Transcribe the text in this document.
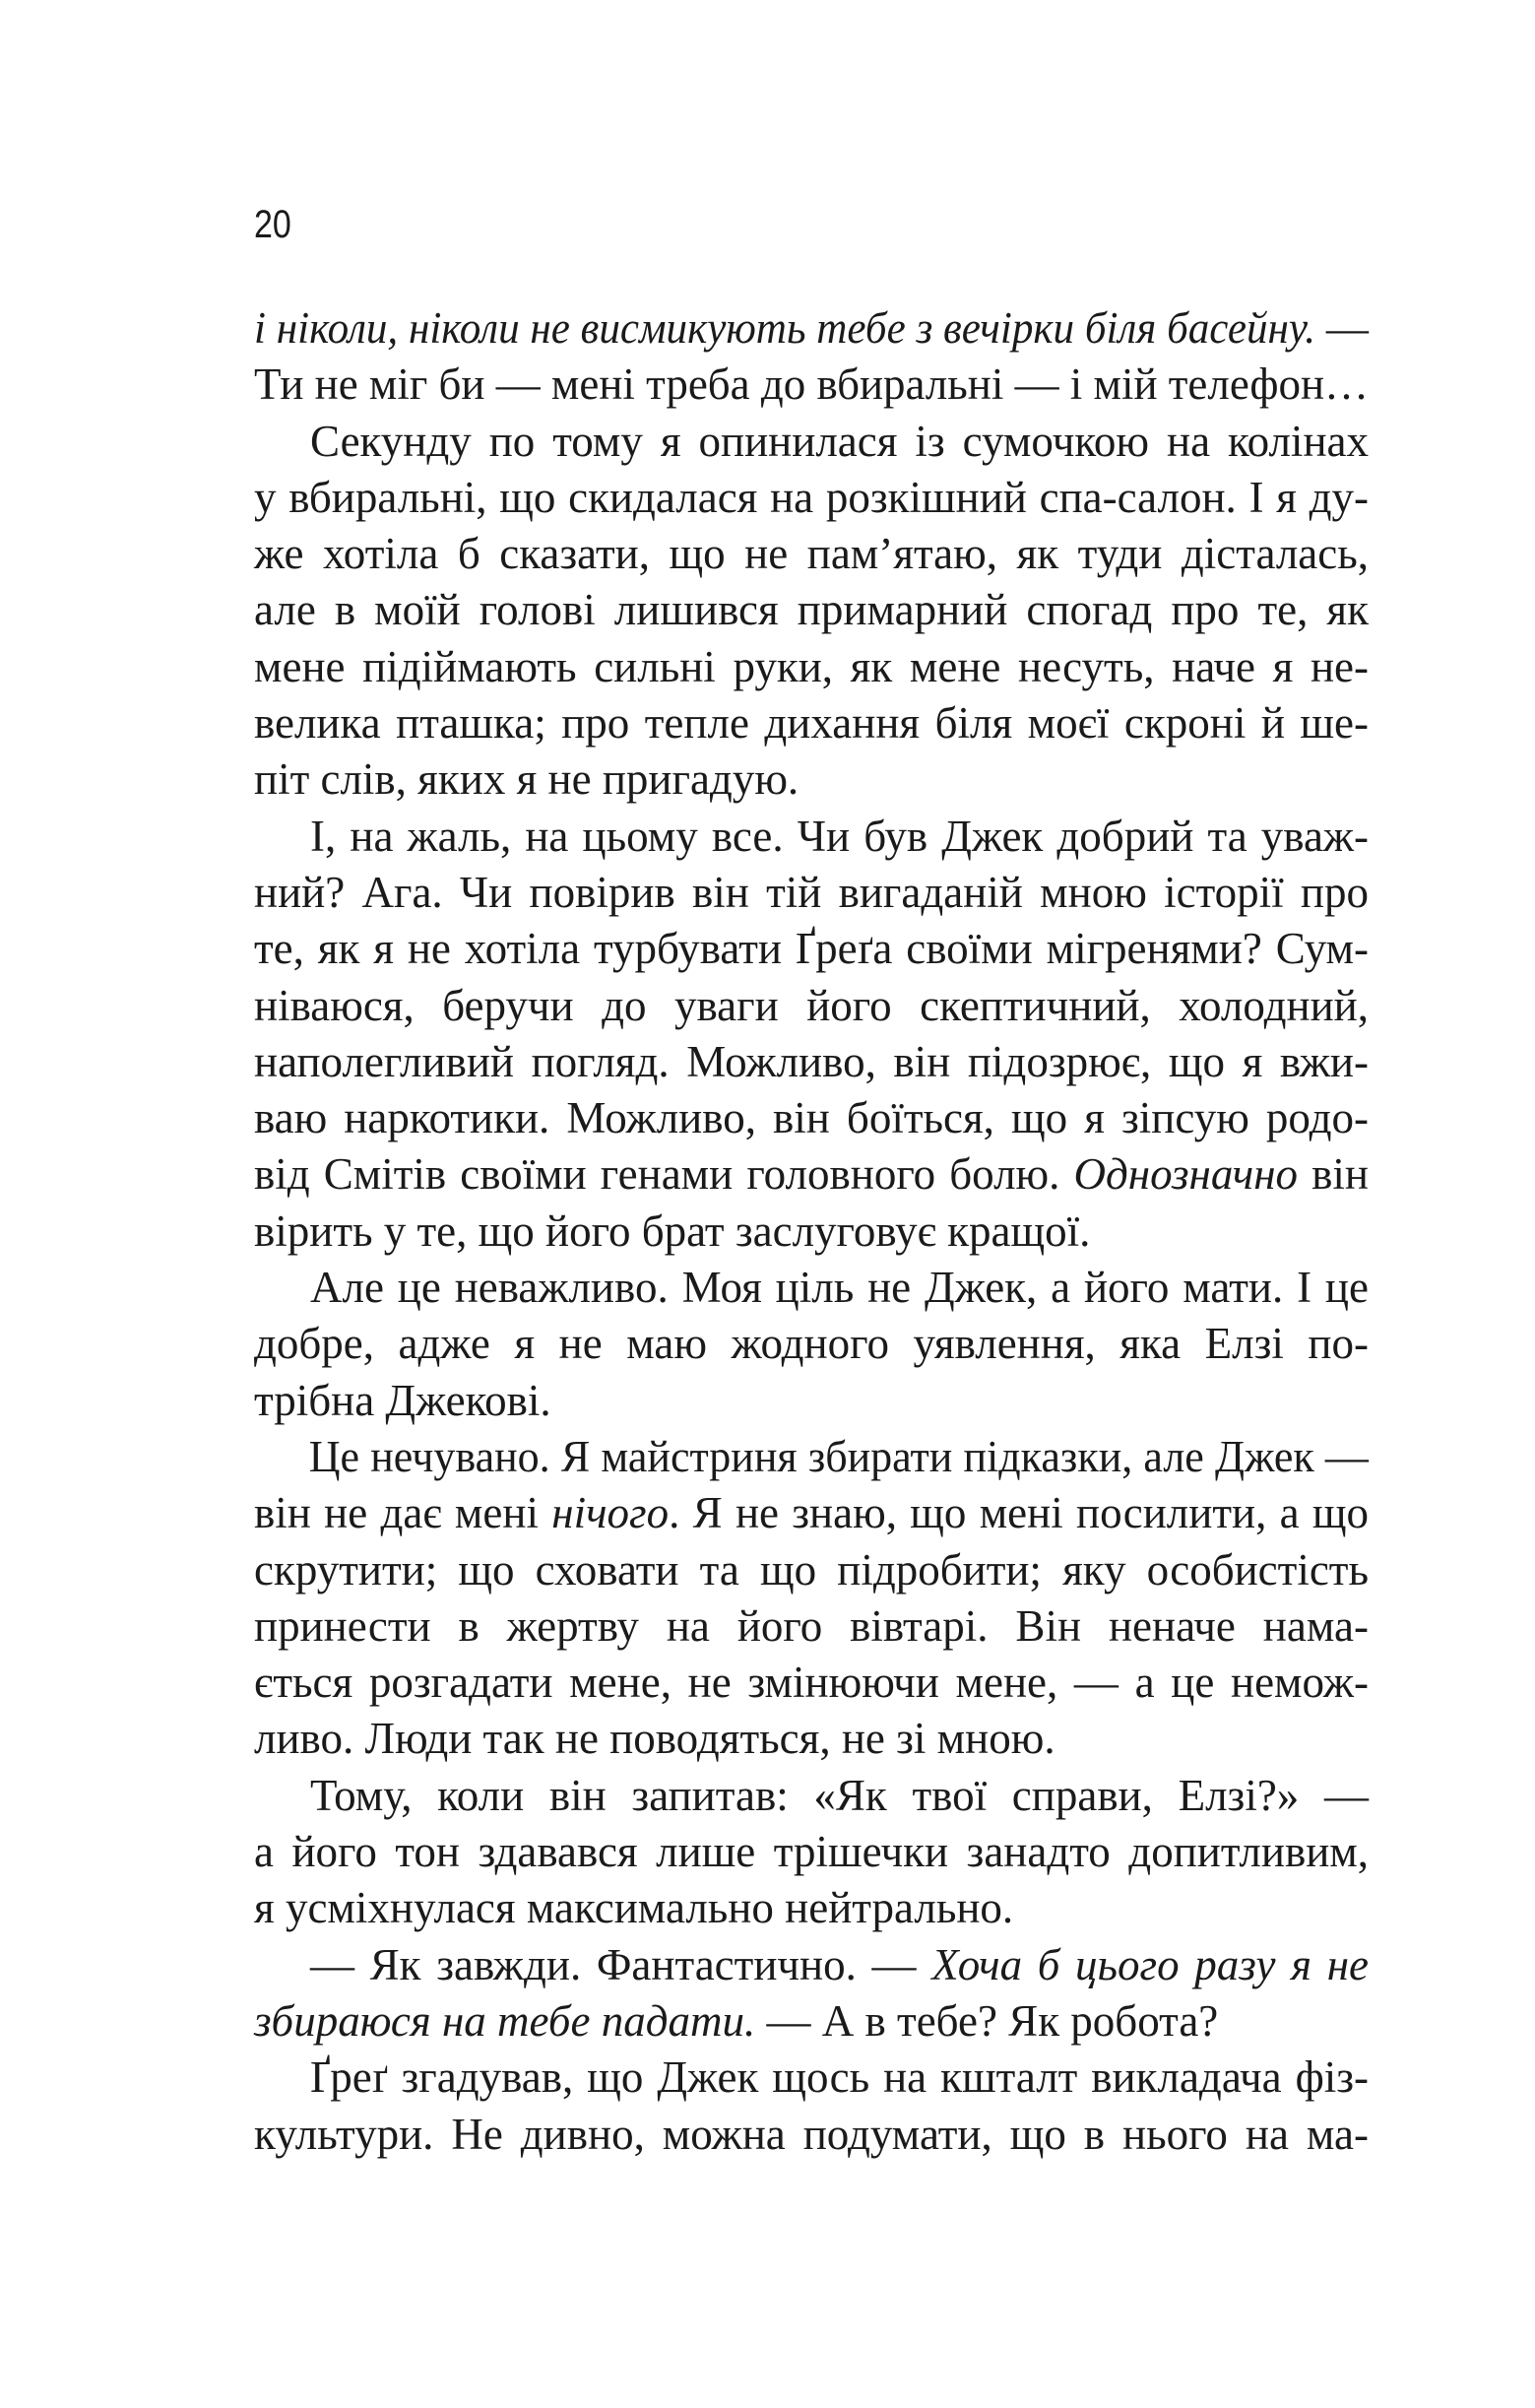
20
і ніколи, ніколи не висмикують тебе з вечірки біля басейну. —
Ти не міг би — мені треба до вбиральні — і мій телефон…
Секунду по тому я опинилася із сумочкою на колінах
у вбиральні, що скидалася на розкішний спа-салон. І я ду-
же хотіла б сказати, що не пам’ятаю, як туди дісталась,
але в моїй голові лишився примарний спогад про те, як
мене підіймають сильні руки, як мене несуть, наче я не-
велика пташка; про тепле дихання біля моєї скроні й ше-
піт слів, яких я не пригадую.
І, на жаль, на цьому все. Чи був Джек добрий та уваж-
ний? Ага. Чи повірив він тій вигаданій мною історії про
те, як я не хотіла турбувати Ґреґа своїми мігренями? Сум-
ніваюся, беручи до уваги його скептичний, холодний,
наполегливий погляд. Можливо, він підозрює, що я вжи-
ваю наркотики. Можливо, він боїться, що я зіпсую родо-
від Смітів своїми генами головного болю. Однозначно він
вірить у те, що його брат заслуговує кращої.
Але це неважливо. Моя ціль не Джек, а його мати. І це
добре, адже я не маю жодного уявлення, яка Елзі по-
трібна Джекові.
Це нечувано. Я майстриня збирати підказки, але Джек —
він не дає мені нічого. Я не знаю, що мені посилити, а що
скрутити; що сховати та що підробити; яку особистість
принести в жертву на його вівтарі. Він неначе нама-
ється розгадати мене, не змінюючи мене, — а це немож-
ливо. Люди так не поводяться, не зі мною.
Тому, коли він запитав: «Як твої справи, Елзі?» —
а його тон здавався лише трішечки занадто допитливим,
я усміхнулася максимально нейтрально.
— Як завжди. Фантастично. — Хоча б цього разу я не
збираюся на тебе падати. — А в тебе? Як робота?
Ґреґ згадував, що Джек щось на кшталт викладача фіз-
культури. Не дивно, можна подумати, що в нього на ма-
